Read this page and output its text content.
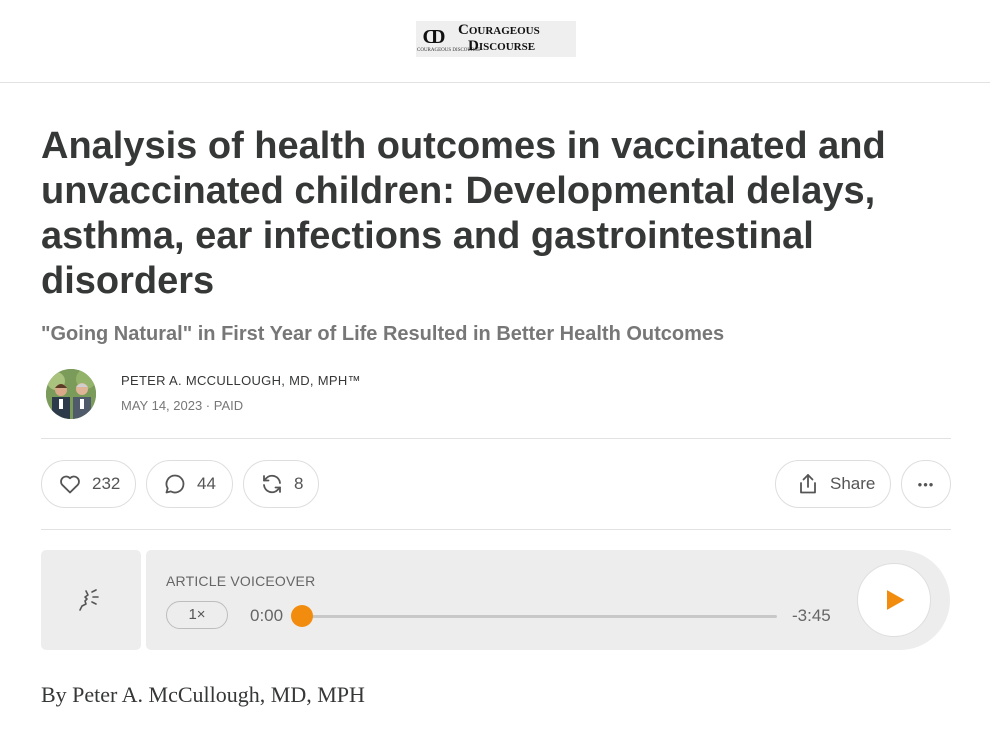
CD
COURAGEOUS DISCOURSE
Courageous
Discourse
Analysis of health outcomes in vaccinated and unvaccinated children: Developmental delays, asthma, ear infections and gastrointestinal disorders
"Going Natural" in First Year of Life Resulted in Better Health Outcomes
PETER A. MCCULLOUGH, MD, MPH™
MAY 14, 2023 · PAID
232	44	8	Share	•••
ARTICLE VOICEOVER
1×	0:00	-3:45

By Peter A. McCullough, MD, MPH
